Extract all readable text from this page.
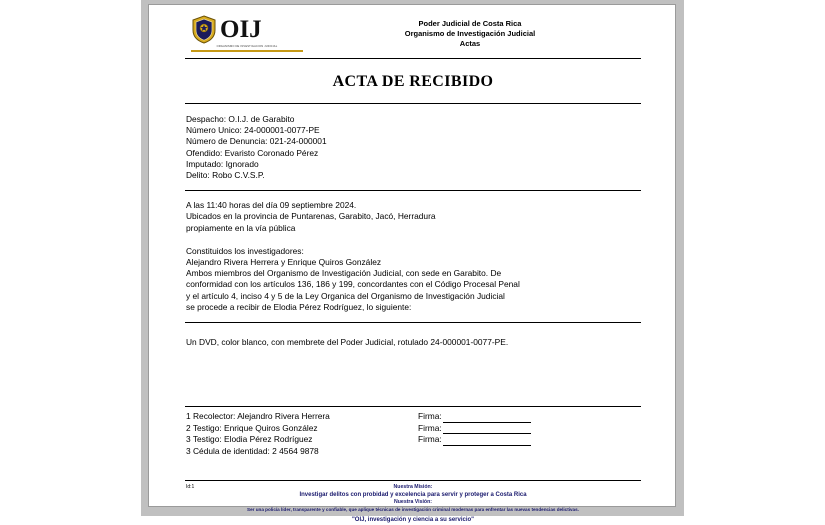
OIJ
ORGANISMO DE INVESTIGACION JUDICIAL
Poder Judicial de Costa Rica
Organismo de Investigación Judicial
Actas
ACTA DE RECIBIDO
Despacho: O.I.J. de Garabito
Número Unico: 24-000001-0077-PE
Número de Denuncia: 021-24-000001
Ofendido: Evaristo Coronado Pérez
Imputado: Ignorado
Delito: Robo C.V.S.P.
A las 11:40 horas del día 09 septiembre 2024.
Ubicados en la provincia de Puntarenas, Garabito, Jacó, Herradura
propiamente en la vía pública
Constituidos los investigadores:
Alejandro Rivera Herrera y Enrique Quiros González
Ambos miembros del Organismo de Investigación Judicial, con sede en Garabito. De
conformidad con los artículos 136, 186 y 199, concordantes con el Código Procesal Penal
y el artículo 4, inciso 4 y 5 de la Ley Organica del Organismo de Investigación Judicial
se procede a recibir de Elodia Pérez Rodríguez, lo siguiente:
Un DVD, color blanco, con membrete del Poder Judicial, rotulado 24-000001-0077-PE.
1 Recolector: Alejandro Rivera Herrera	Firma:
2 Testigo: Enrique Quiros González	Firma:
3 Testigo: Elodia Pérez Rodríguez	Firma:
3 Cédula de identidad: 2 4564 9878
Id:1	Nuestra Misión:
Investigar delitos con probidad y excelencia para servir y proteger a Costa Rica
Nuestra Visión:
Ser una policía líder, transparente y confiable, que aplique técnicas de investigación criminal modernas para enfrentar las nuevas tendencias delictivas.
"OIJ, investigación y ciencia a su servicio"
